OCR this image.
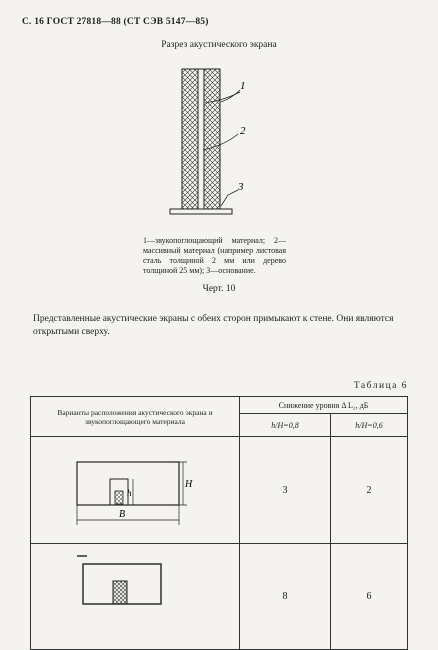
С. 16 ГОСТ 27818—88 (СТ СЭВ 5147—85)
Разрез акустического экрана
1
2
3
1—звукопоглощающий материал; 2—массивный материал (например листовая сталь толщиной 2 мм или дерево толщиной 25 мм); 3—основание.
Черт. 10
Представленные акустические экраны с обеих сторон примыкают к стене. Они являются открытыми сверху.
Таблица 6
Варианты расположения акустического экрана и звукопоглощающего материала	Снижение уровня Δ L₂, дБ	
	h/H=0,8	h/H=0,6

h
H
B	3	2

	8	6
